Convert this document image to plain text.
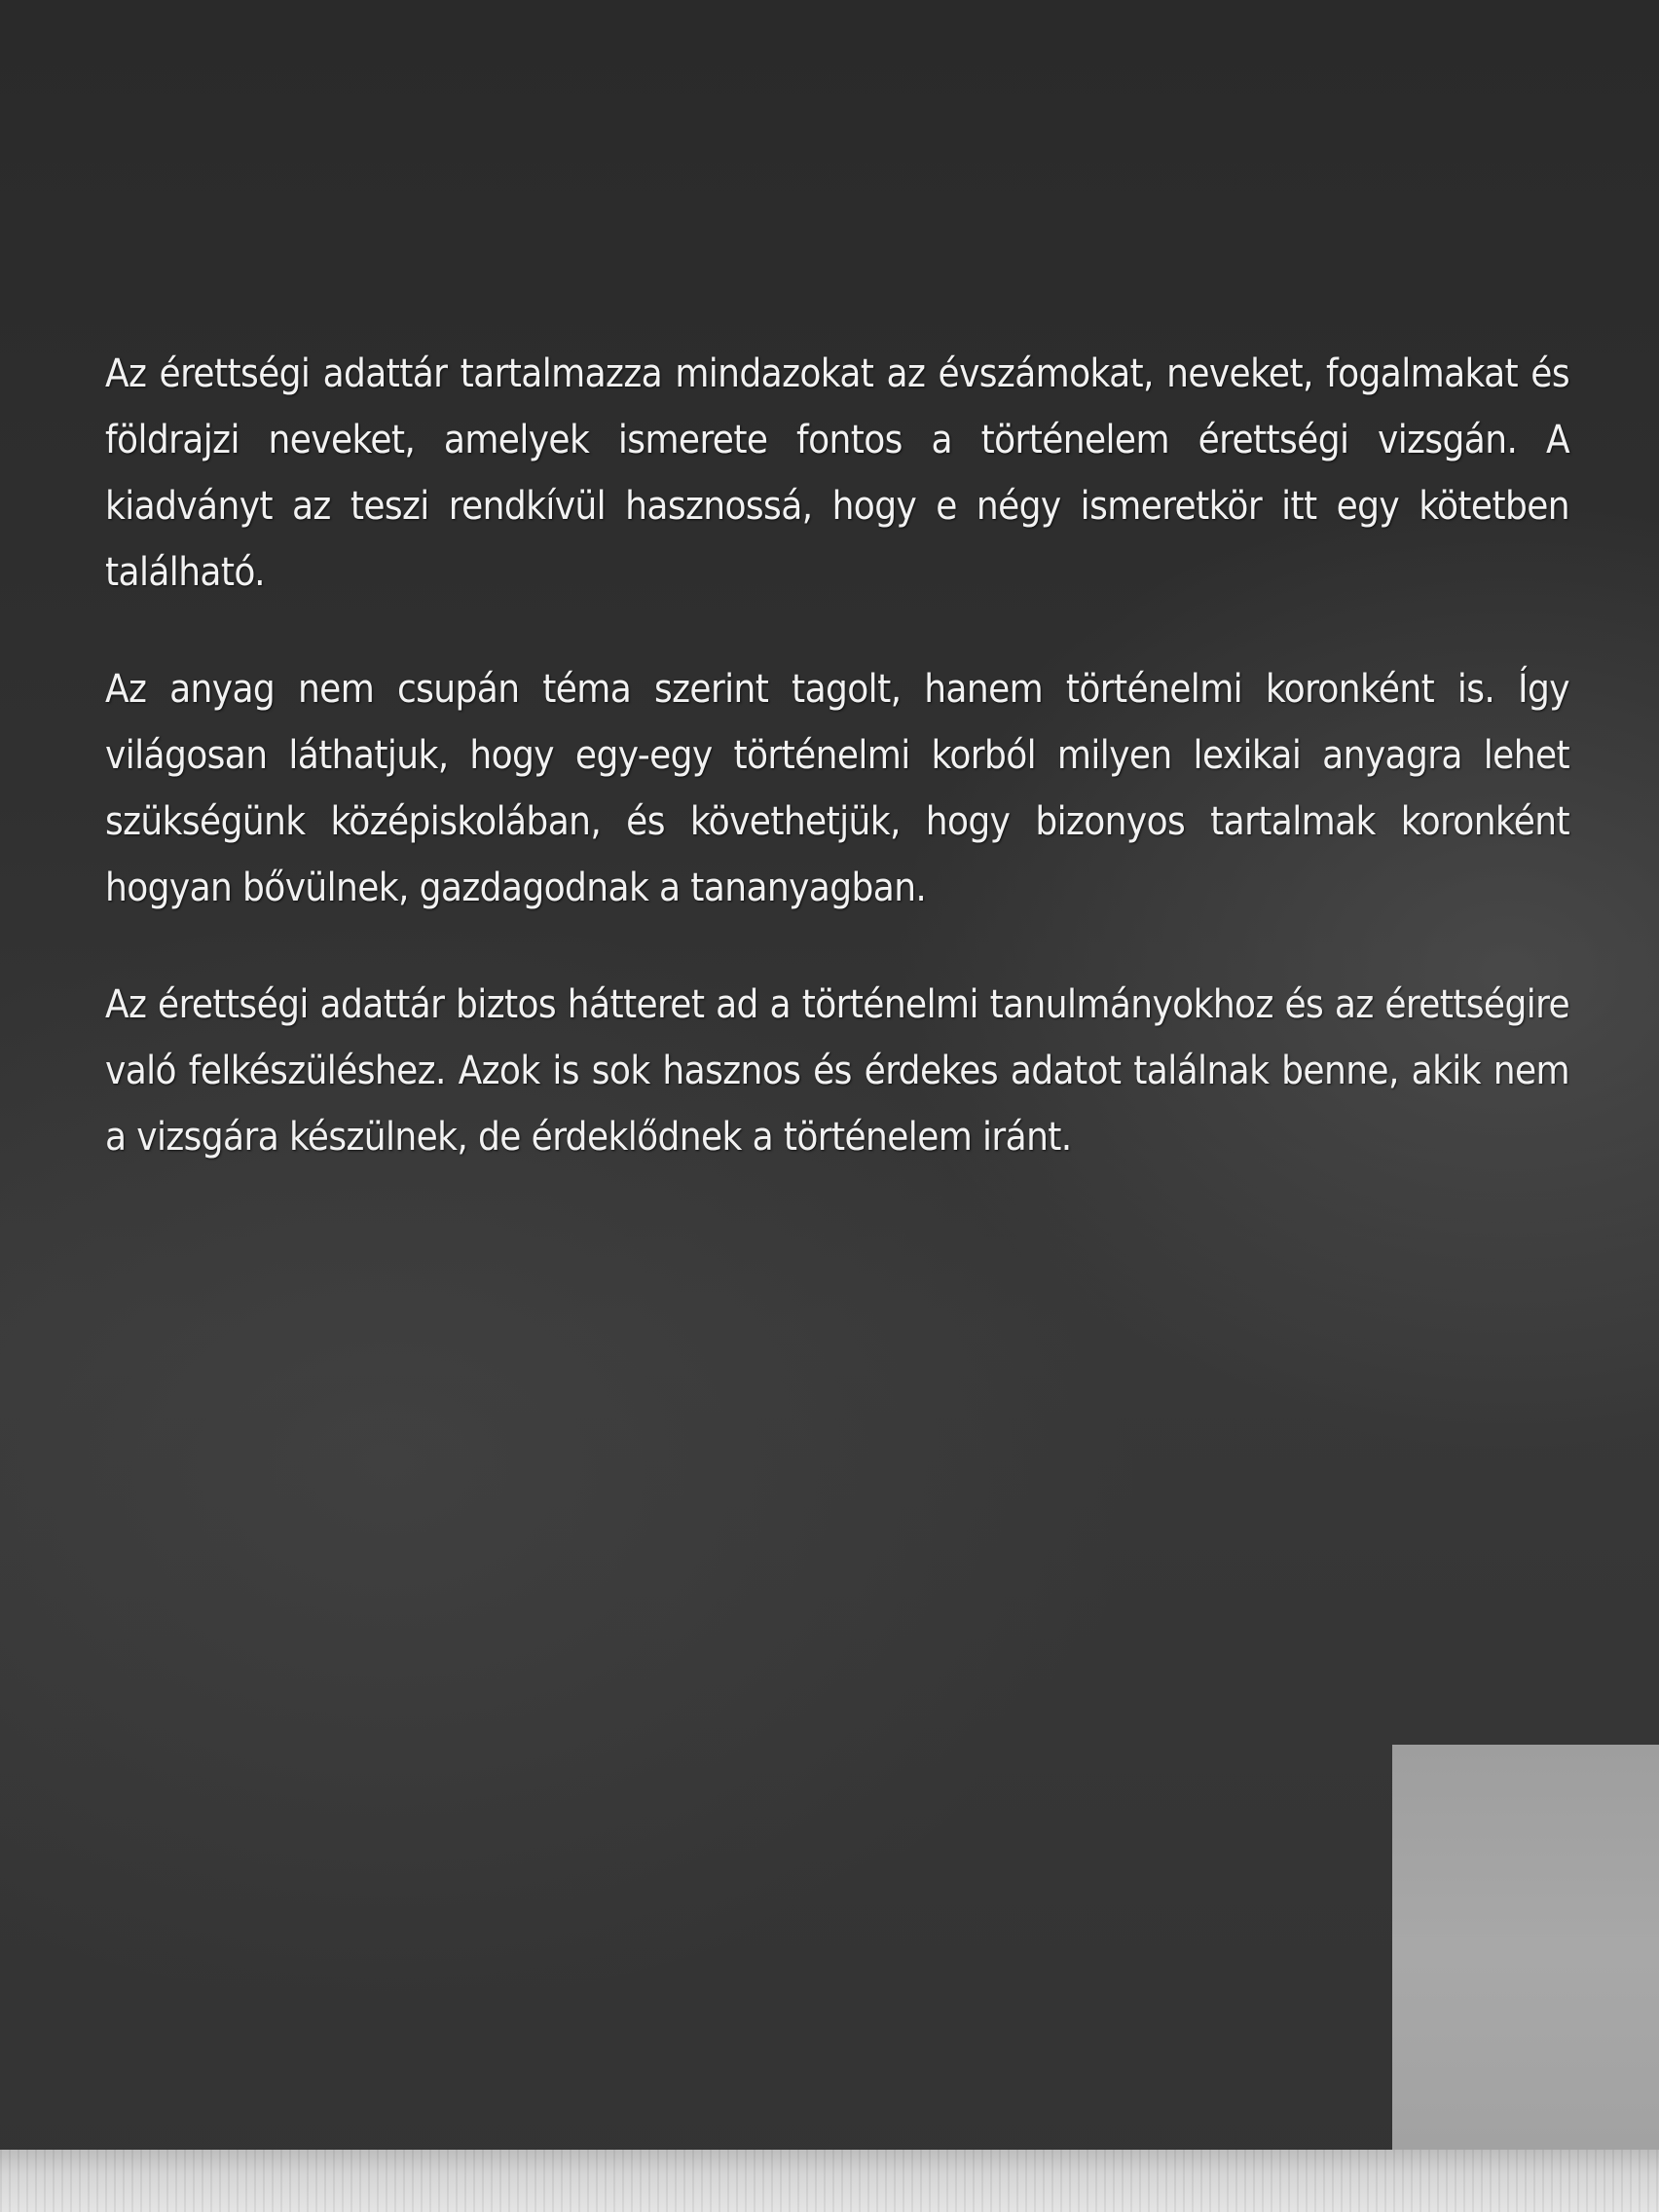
Az érettségi adattár tartalmazza mindazokat az évszámokat, neveket, fogalmakat és földrajzi neveket, amelyek ismerete fontos a történelem érettségi vizsgán. A kiadványt az teszi rendkívül hasznossá, hogy e négy ismeretkör itt egy kötetben található.

Az anyag nem csupán téma szerint tagolt, hanem történelmi koronként is. Így világosan láthatjuk, hogy egy-egy történelmi korból milyen lexikai anyagra lehet szükségünk középiskolában, és követhetjük, hogy bizonyos tartalmak koronként hogyan bővülnek, gazdagodnak a tananyagban.

Az érettségi adattár biztos hátteret ad a történelmi tanulmányokhoz és az érettségire való felkészüléshez. Azok is sok hasznos és érdekes adatot találnak benne, akik nem a vizsgára készülnek, de érdeklődnek a történelem iránt.
